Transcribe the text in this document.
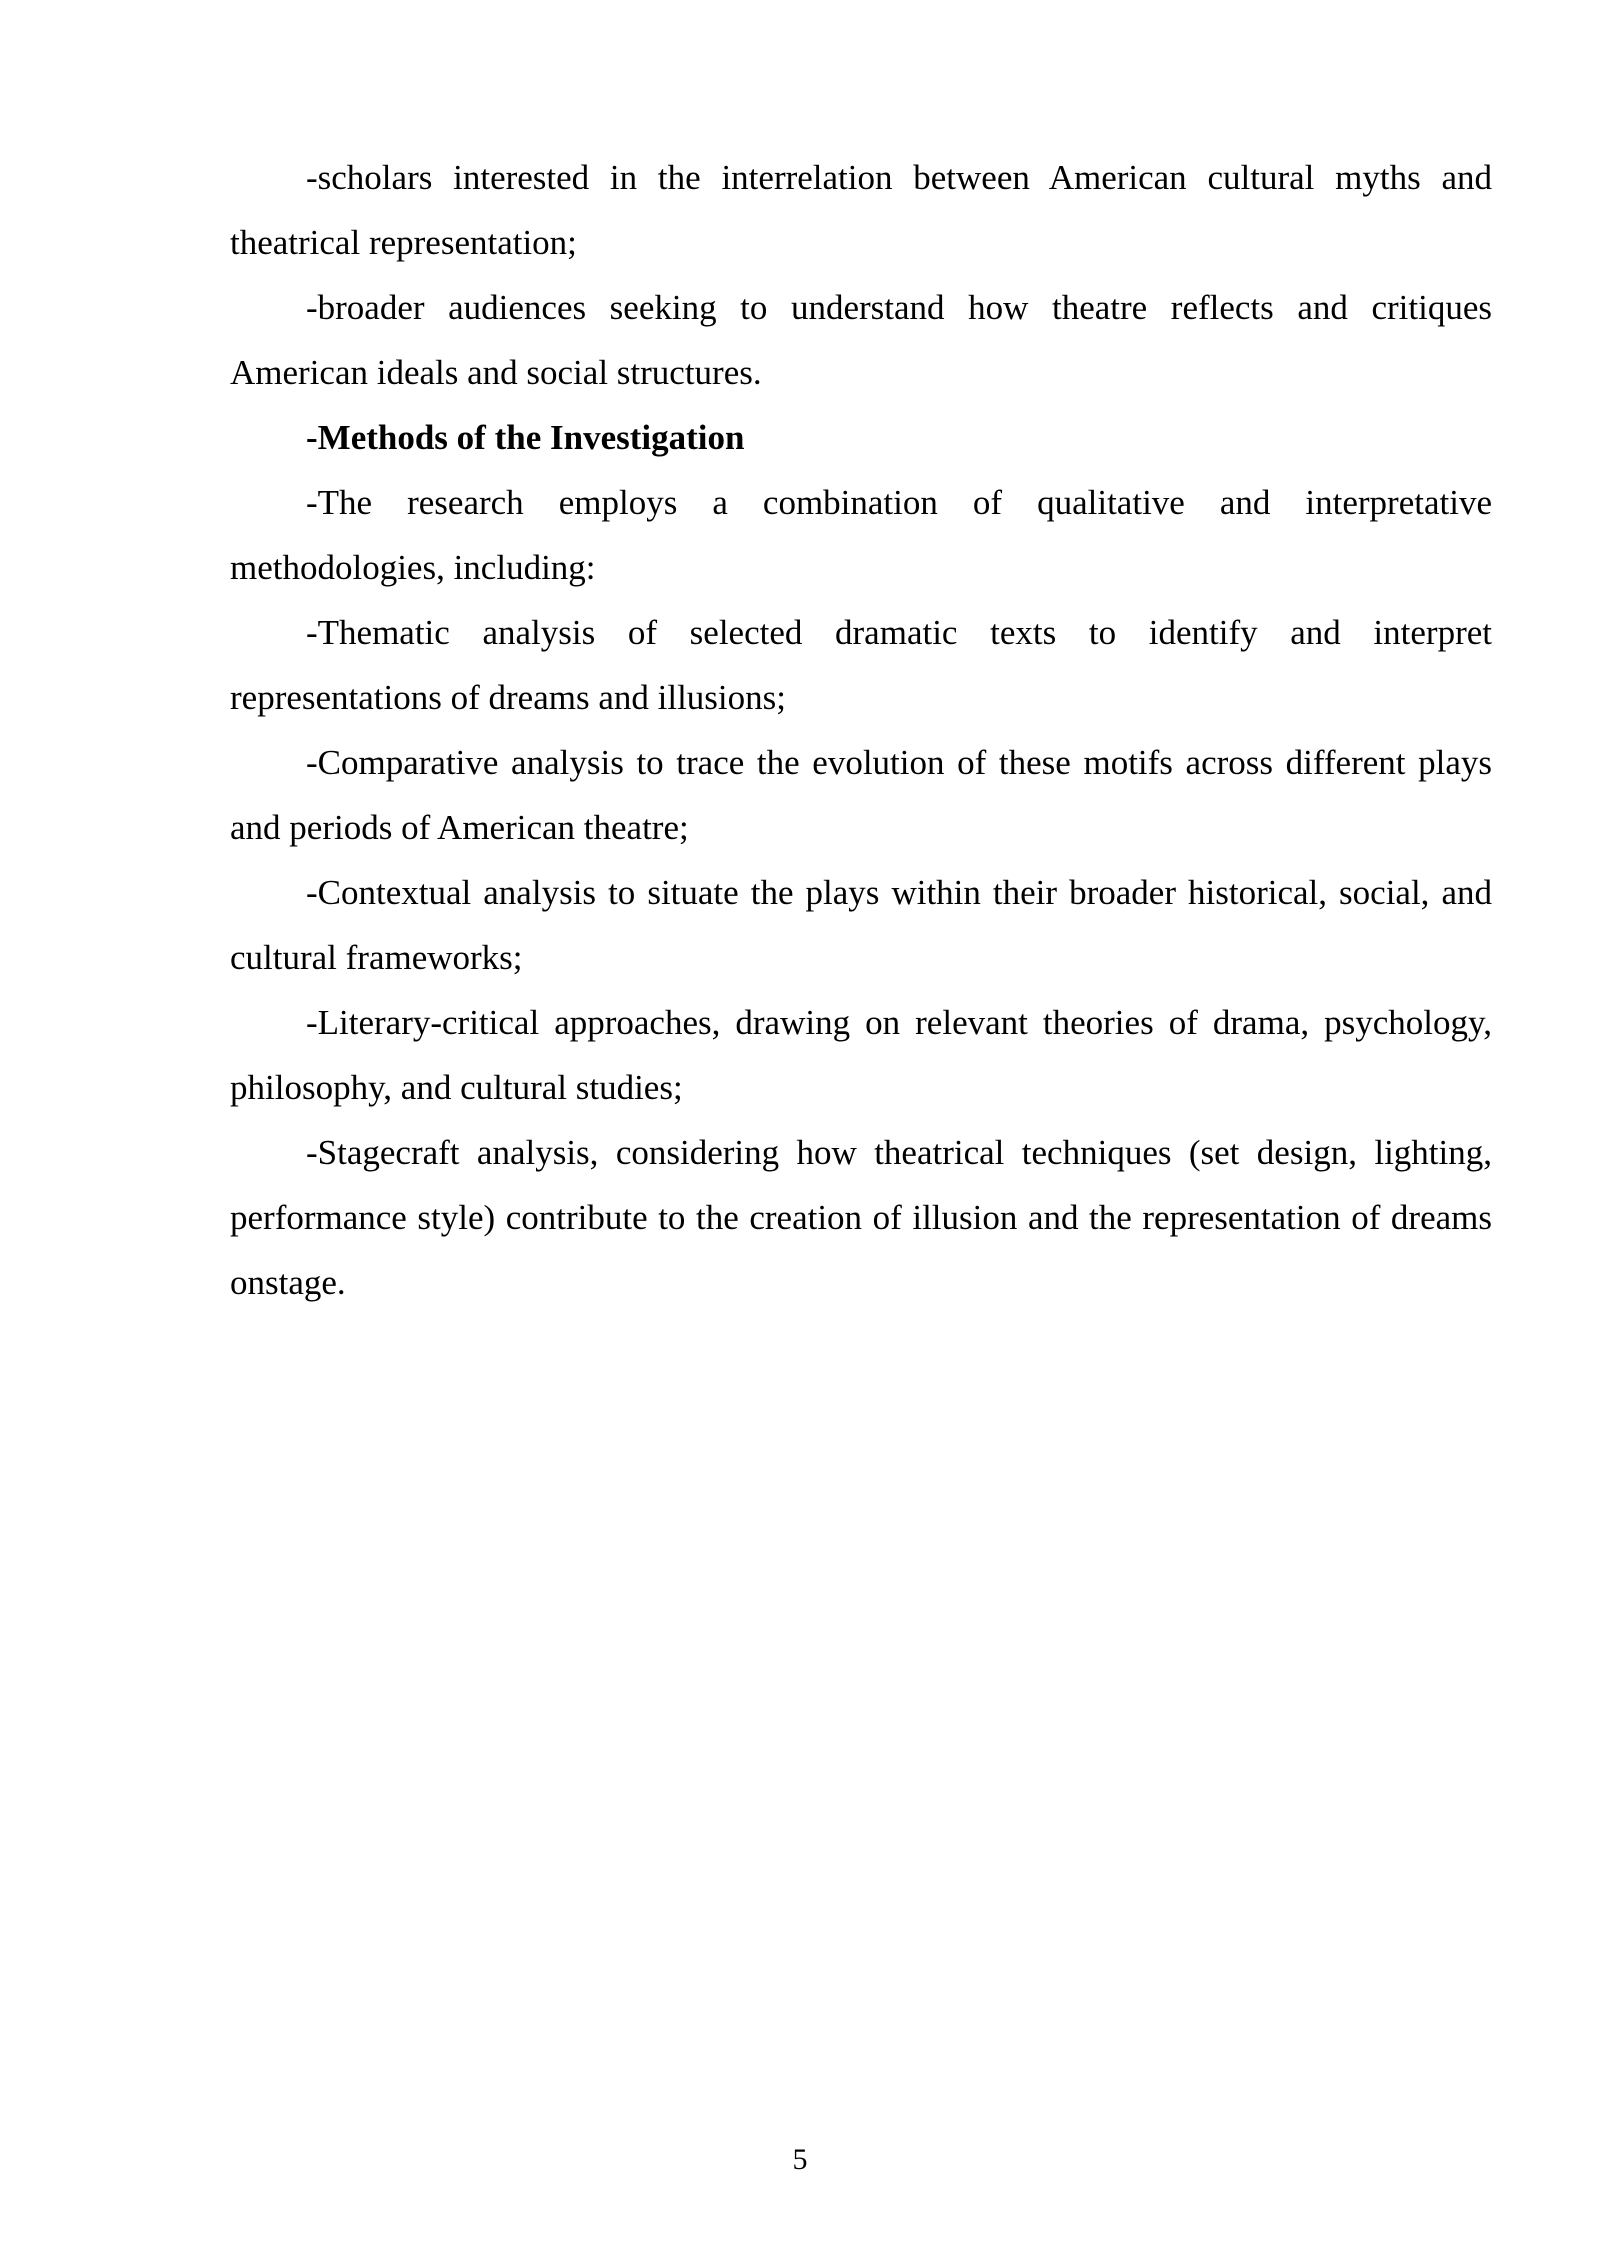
-scholars interested in the interrelation between American cultural myths and theatrical representation;

-broader audiences seeking to understand how theatre reflects and critiques American ideals and social structures.

-Methods of the Investigation

-The research employs a combination of qualitative and interpretative methodologies, including:

-Thematic analysis of selected dramatic texts to identify and interpret representations of dreams and illusions;

-Comparative analysis to trace the evolution of these motifs across different plays and periods of American theatre;

-Contextual analysis to situate the plays within their broader historical, social, and cultural frameworks;

-Literary-critical approaches, drawing on relevant theories of drama, psychology, philosophy, and cultural studies;

-Stagecraft analysis, considering how theatrical techniques (set design, lighting, performance style) contribute to the creation of illusion and the representation of dreams onstage.

5
